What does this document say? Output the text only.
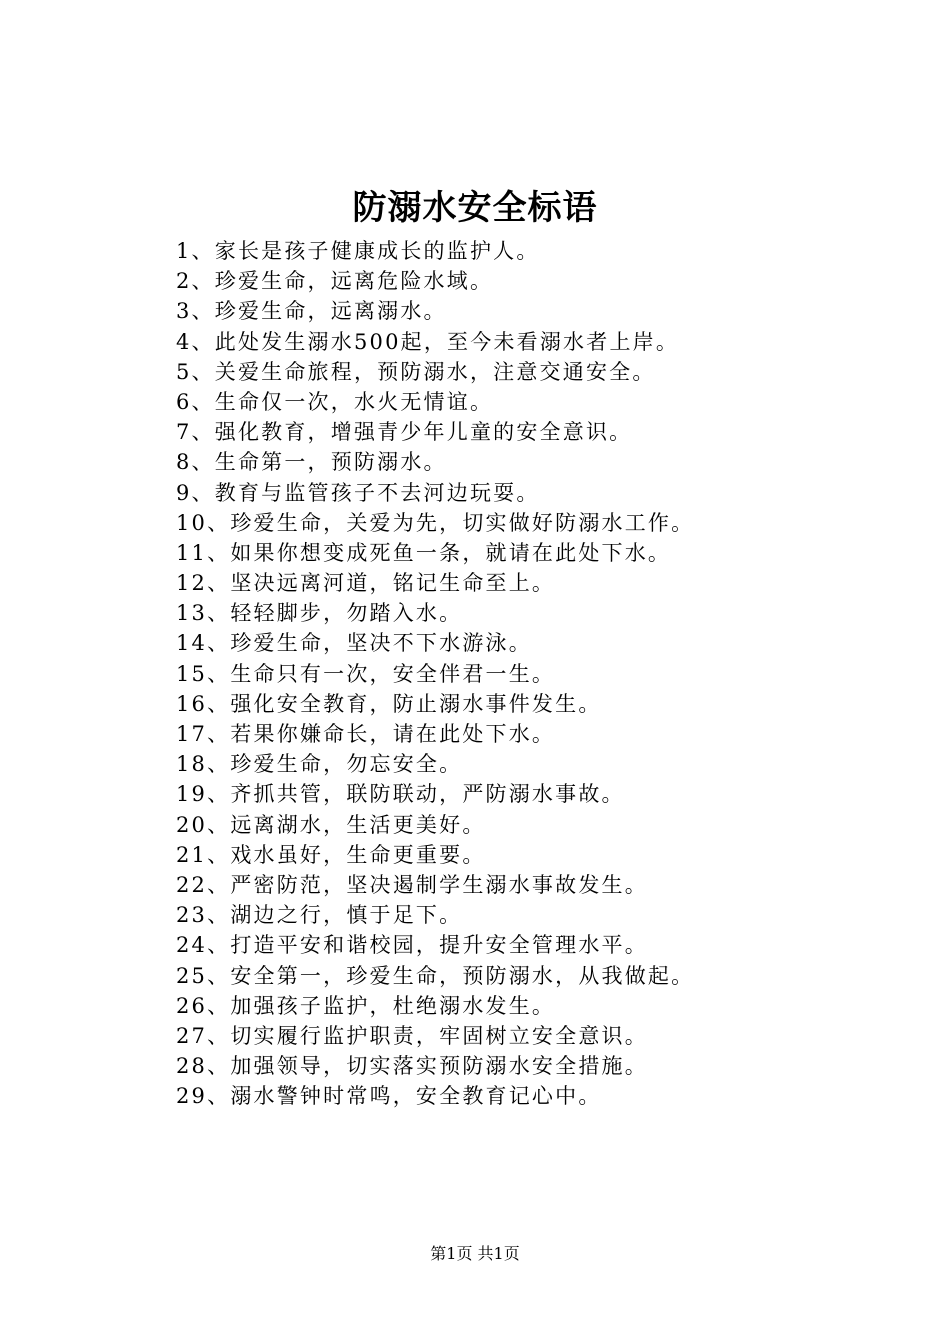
防溺水安全标语
1、家长是孩子健康成长的监护人。
2、珍爱生命，远离危险水域。
3、珍爱生命，远离溺水。
4、此处发生溺水500起，至今未看溺水者上岸。
5、关爱生命旅程，预防溺水，注意交通安全。
6、生命仅一次，水火无情谊。
7、强化教育，增强青少年儿童的安全意识。
8、生命第一，预防溺水。
9、教育与监管孩子不去河边玩耍。
10、珍爱生命，关爱为先，切实做好防溺水工作。
11、如果你想变成死鱼一条，就请在此处下水。
12、坚决远离河道，铭记生命至上。
13、轻轻脚步，勿踏入水。
14、珍爱生命，坚决不下水游泳。
15、生命只有一次，安全伴君一生。
16、强化安全教育，防止溺水事件发生。
17、若果你嫌命长，请在此处下水。
18、珍爱生命，勿忘安全。
19、齐抓共管，联防联动，严防溺水事故。
20、远离湖水，生活更美好。
21、戏水虽好，生命更重要。
22、严密防范，坚决遏制学生溺水事故发生。
23、湖边之行，慎于足下。
24、打造平安和谐校园，提升安全管理水平。
25、安全第一，珍爱生命，预防溺水，从我做起。
26、加强孩子监护，杜绝溺水发生。
27、切实履行监护职责，牢固树立安全意识。
28、加强领导，切实落实预防溺水安全措施。
29、溺水警钟时常鸣，安全教育记心中。
第1页 共1页
